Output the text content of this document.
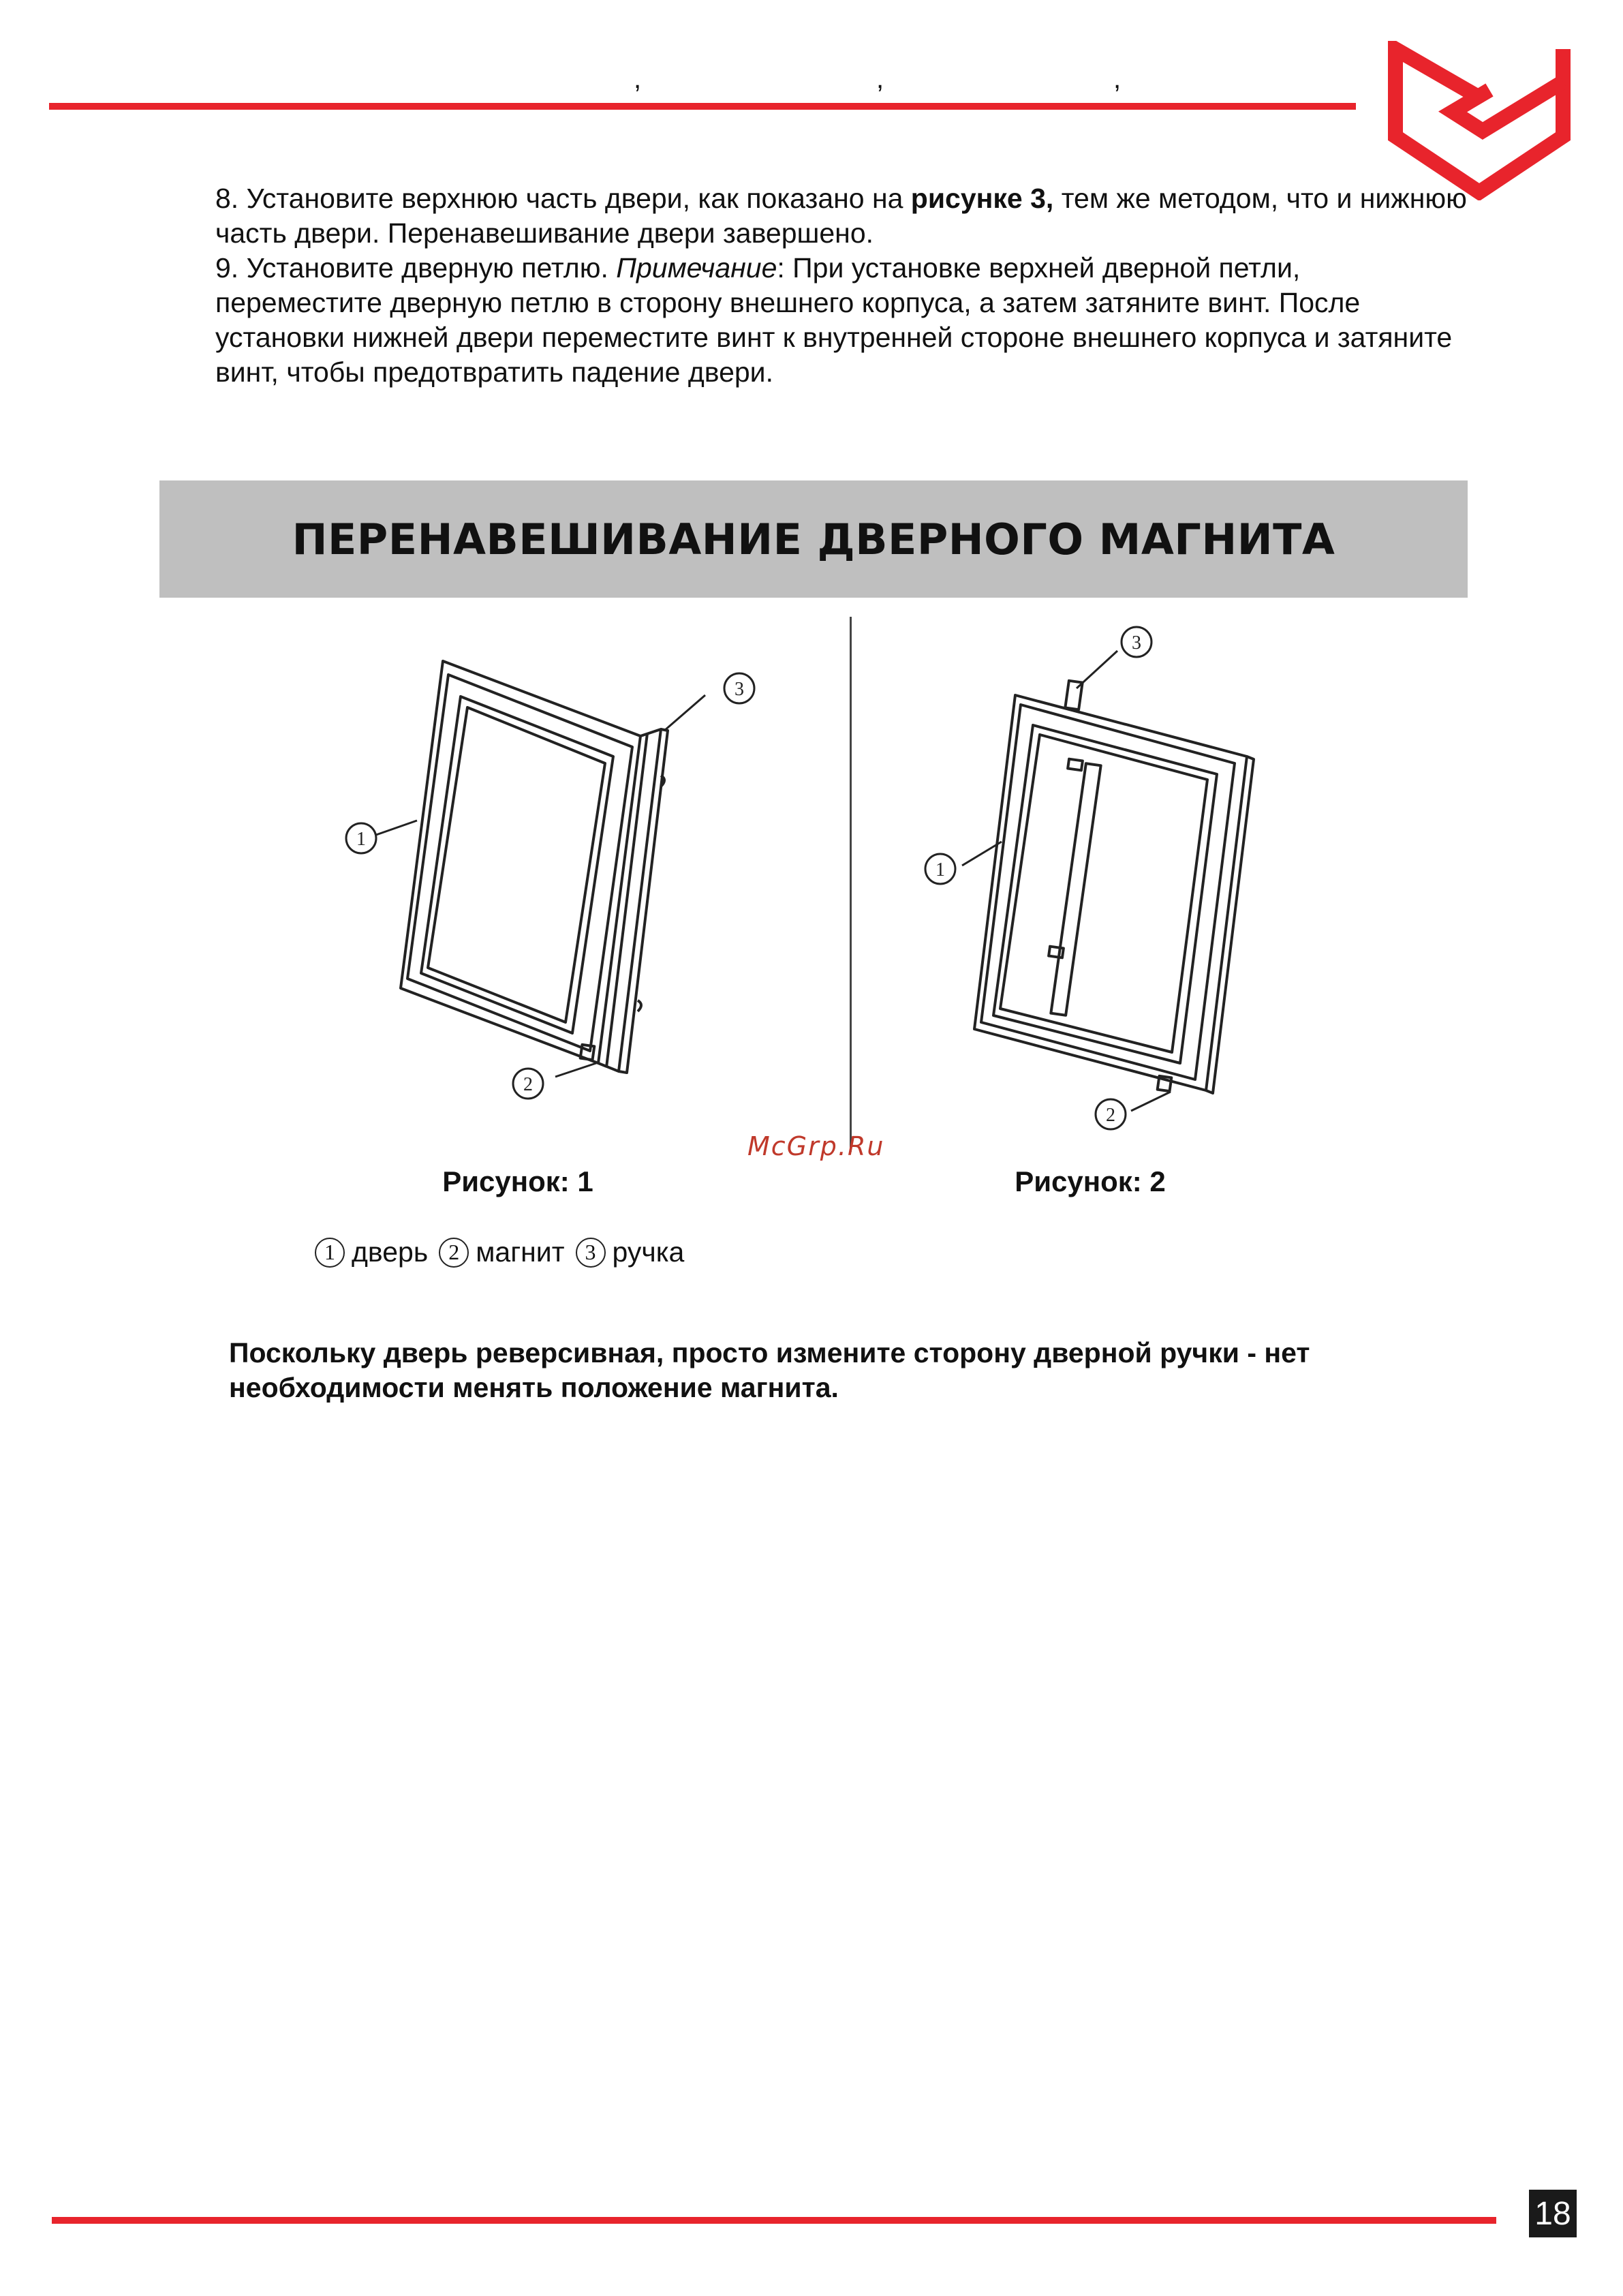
,	,	,

8. Установите верхнюю часть двери, как показано на рисунке 3, тем же методом, что и нижнюю часть двери. Перенавешивание двери завершено.

9. Установите дверную петлю. Примечание: При установке верхней дверной петли, переместите дверную петлю в сторону внешнего корпуса, а затем затяните винт. После установки нижней двери переместите винт к внутренней стороне внешнего корпуса и затяните винт, чтобы предотвратить падение двери.

ПЕРЕНАВЕШИВАНИЕ ДВЕРНОГО МАГНИТА
1
2
3
1
2
3
McGrp.Ru
Рисунок: 1	Рисунок: 2
1 дверь 2 магнит 3 ручка
Поскольку дверь реверсивная, просто измените сторону дверной ручки - нет необходимости менять положение магнита.
18
